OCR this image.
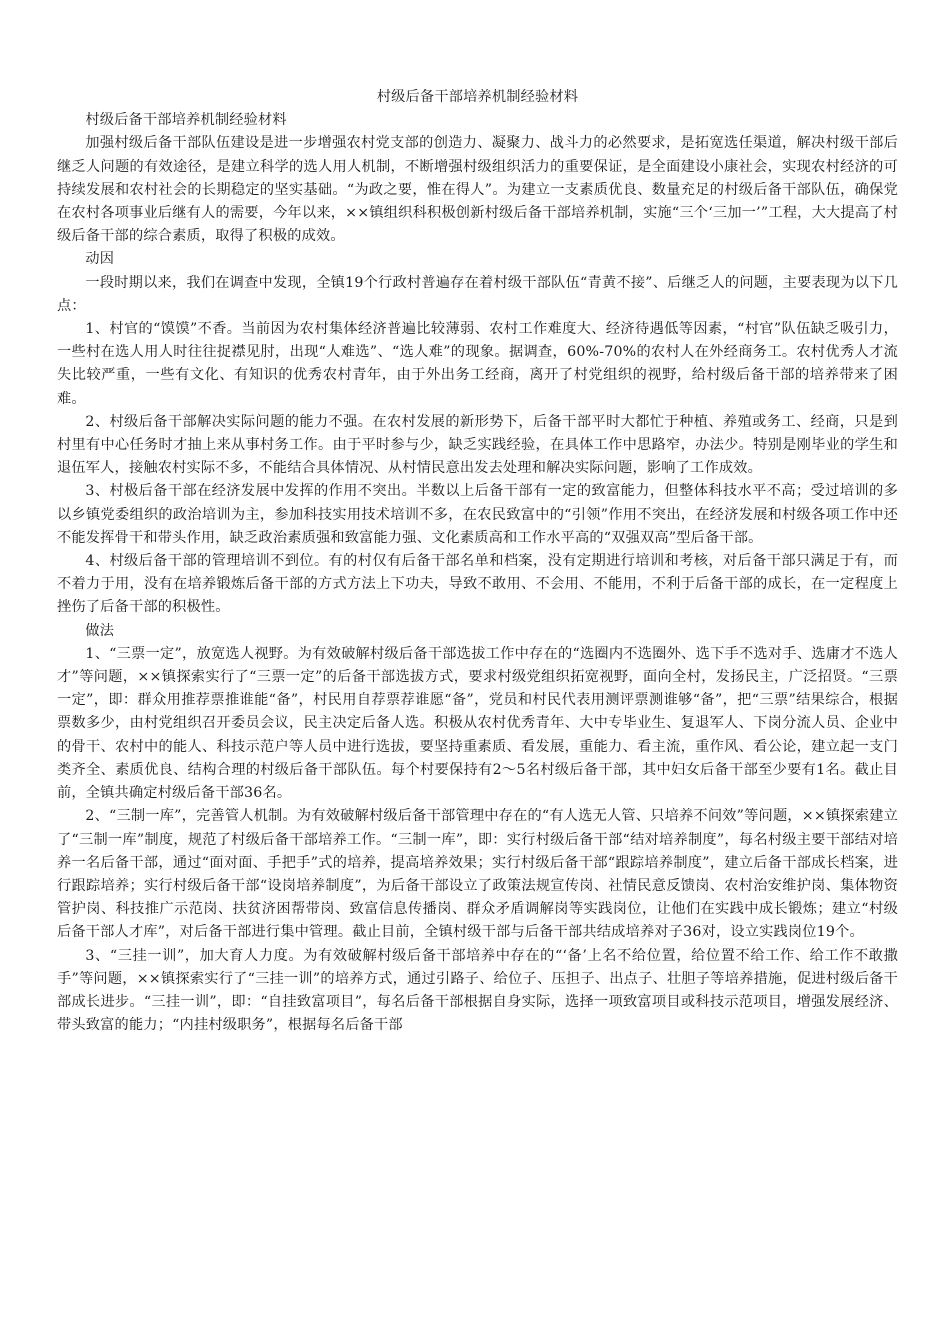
村级后备干部培养机制经验材料

村级后备干部培养机制经验材料

加强村级后备干部队伍建设是进一步增强农村党支部的创造力、凝聚力、战斗力的必然要求，是拓宽选任渠道，解决村级干部后继乏人问题的有效途径，是建立科学的选人用人机制，不断增强村级组织活力的重要保证，是全面建设小康社会，实现农村经济的可持续发展和农村社会的长期稳定的坚实基础。“为政之要，惟在得人”。为建立一支素质优良、数量充足的村级后备干部队伍，确保党在农村各项事业后继有人的需要，今年以来，××镇组织科积极创新村级后备干部培养机制，实施“三个‘三加一’”工程，大大提高了村级后备干部的综合素质，取得了积极的成效。

动因

一段时期以来，我们在调查中发现，全镇19个行政村普遍存在着村级干部队伍“青黄不接”、后继乏人的问题，主要表现为以下几点：

1、村官的“馍馍”不香。当前因为农村集体经济普遍比较薄弱、农村工作难度大、经济待遇低等因素，“村官”队伍缺乏吸引力，一些村在选人用人时往往捉襟见肘，出现“人难选”、“选人难”的现象。据调查，60%-70%的农村人在外经商务工。农村优秀人才流失比较严重，一些有文化、有知识的优秀农村青年，由于外出务工经商，离开了村党组织的视野，给村级后备干部的培养带来了困难。

2、村级后备干部解决实际问题的能力不强。在农村发展的新形势下，后备干部平时大都忙于种植、养殖或务工、经商，只是到村里有中心任务时才抽上来从事村务工作。由于平时参与少，缺乏实践经验，在具体工作中思路窄，办法少。特别是刚毕业的学生和退伍军人，接触农村实际不多，不能结合具体情况、从村情民意出发去处理和解决实际问题，影响了工作成效。

3、村极后备干部在经济发展中发挥的作用不突出。半数以上后备干部有一定的致富能力，但整体科技水平不高；受过培训的多以乡镇党委组织的政治培训为主，参加科技实用技术培训不多，在农民致富中的“引领”作用不突出，在经济发展和村级各项工作中还不能发挥骨干和带头作用，缺乏政治素质强和致富能力强、文化素质高和工作水平高的“双强双高”型后备干部。

4、村级后备干部的管理培训不到位。有的村仅有后备干部名单和档案，没有定期进行培训和考核，对后备干部只满足于有，而不着力于用，没有在培养锻炼后备干部的方式方法上下功夫，导致不敢用、不会用、不能用，不利于后备干部的成长，在一定程度上挫伤了后备干部的积极性。

做法

1、“三票一定”，放宽选人视野。为有效破解村级后备干部选拔工作中存在的“选圈内不选圈外、选下手不选对手、选庸才不选人才”等问题，××镇探索实行了“三票一定”的后备干部选拔方式，要求村级党组织拓宽视野，面向全村，发扬民主，广泛招贤。“三票一定”，即：群众用推荐票推谁能“备”，村民用自荐票荐谁愿“备”，党员和村民代表用测评票测谁够“备”，把“三票”结果综合，根据票数多少，由村党组织召开委员会议，民主决定后备人选。积极从农村优秀青年、大中专毕业生、复退军人、下岗分流人员、企业中的骨干、农村中的能人、科技示范户等人员中进行选拔，要坚持重素质、看发展，重能力、看主流，重作风、看公论，建立起一支门类齐全、素质优良、结构合理的村级后备干部队伍。每个村要保持有2～5名村级后备干部，其中妇女后备干部至少要有1名。截止目前，全镇共确定村级后备干部36名。

2、“三制一库”，完善管人机制。为有效破解村级后备干部管理中存在的“有人选无人管、只培养不问效”等问题，××镇探索建立了“三制一库”制度，规范了村级后备干部培养工作。“三制一库”，即：实行村级后备干部“结对培养制度”，每名村级主要干部结对培养一名后备干部，通过“面对面、手把手”式的培养，提高培养效果；实行村级后备干部“跟踪培养制度”，建立后备干部成长档案，进行跟踪培养；实行村级后备干部“设岗培养制度”，为后备干部设立了政策法规宣传岗、社情民意反馈岗、农村治安维护岗、集体物资管护岗、科技推广示范岗、扶贫济困帮带岗、致富信息传播岗、群众矛盾调解岗等实践岗位，让他们在实践中成长锻炼；建立“村级后备干部人才库”，对后备干部进行集中管理。截止目前，全镇村级干部与后备干部共结成培养对子36对，设立实践岗位19个。

3、“三挂一训”，加大育人力度。为有效破解村级后备干部培养中存在的“‘备’上名不给位置，给位置不给工作、给工作不敢撒手”等问题，××镇探索实行了“三挂一训”的培养方式，通过引路子、给位子、压担子、出点子、壮胆子等培养措施，促进村级后备干部成长进步。“三挂一训”，即：“自挂致富项目”，每名后备干部根据自身实际，选择一项致富项目或科技示范项目，增强发展经济、带头致富的能力；“内挂村级职务”，根据每名后备干部
